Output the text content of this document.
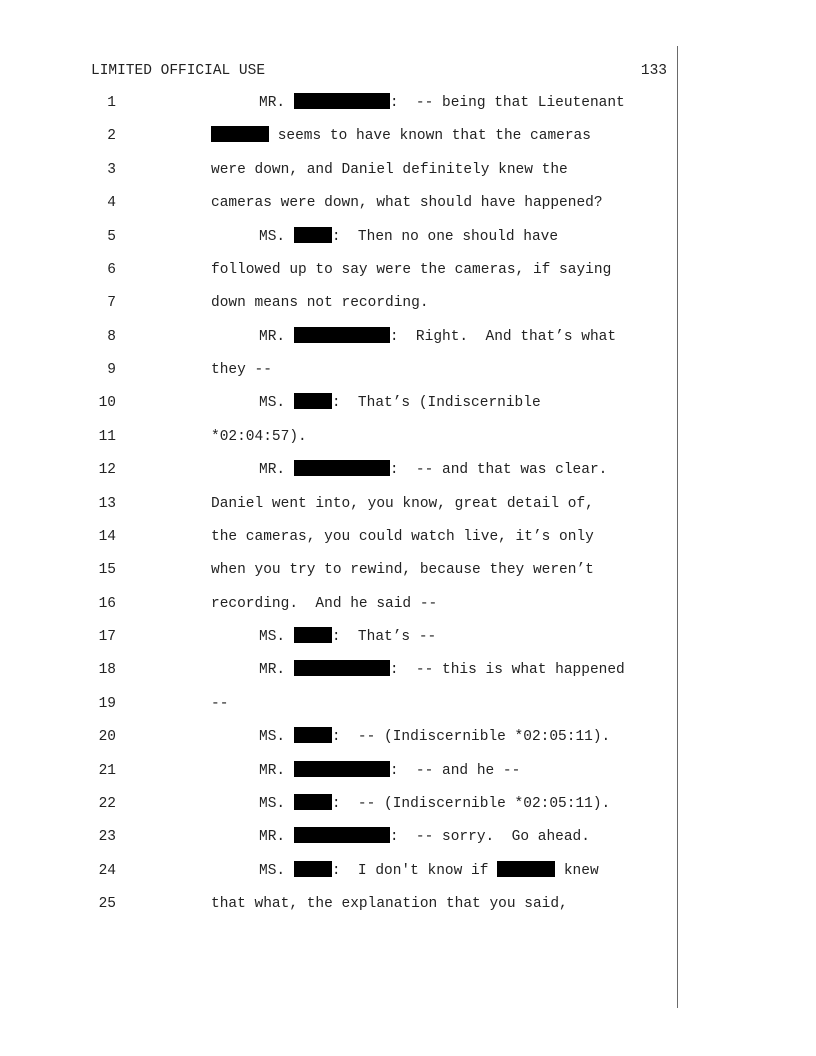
LIMITED OFFICIAL USE	133
1	MR.	:  -- being that Lieutenant
2	seems to have known that the cameras
3	were down, and Daniel definitely knew the
4	cameras were down, what should have happened?
5	MS.	:  Then no one should have
6	followed up to say were the cameras, if saying
7	down means not recording.
8	MR.	:  Right.  And that’s what
9	they --
10	MS.	:  That’s (Indiscernible
11	*02:04:57).
12	MR.	:  -- and that was clear.
13	Daniel went into, you know, great detail of,
14	the cameras, you could watch live, it’s only
15	when you try to rewind, because they weren’t
16	recording.  And he said --
17	MS.	:  That’s --
18	MR.	:  -- this is what happened
19	--
20	MS.	:  -- (Indiscernible *02:05:11).
21	MR.	:  -- and he --
22	MS.	:  -- (Indiscernible *02:05:11).
23	MR.	:  -- sorry.  Go ahead.
24	MS.	:  I don't know if	knew
25	that what, the explanation that you said,
